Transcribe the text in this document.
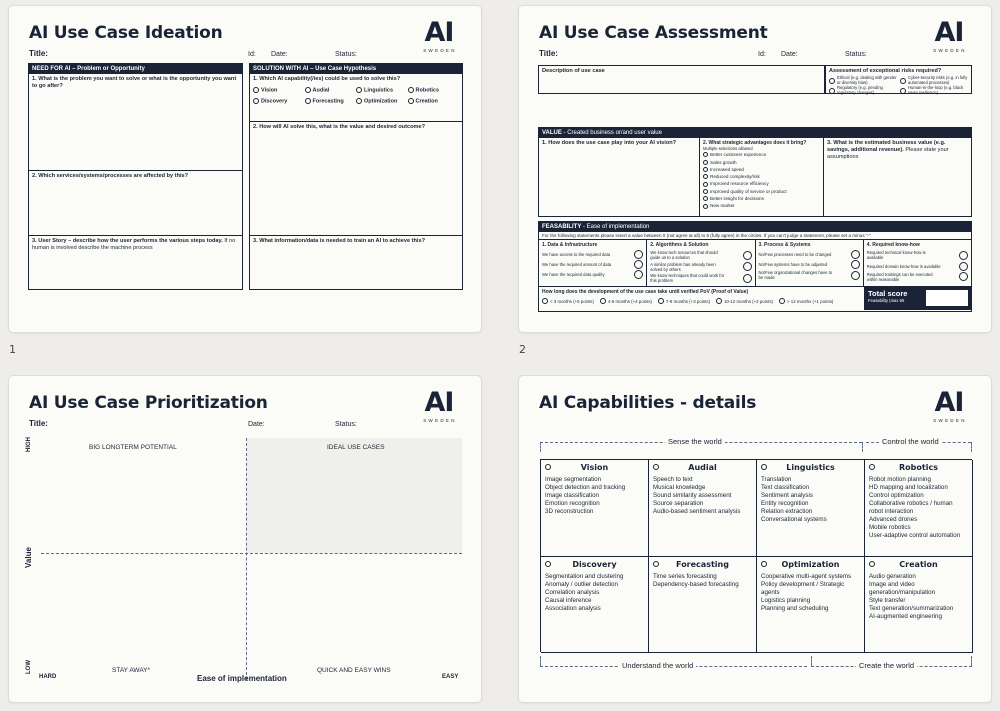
AI Use Case Ideation	AI
SWEDEN
Title:	Id: Date:	Status:
NEED FOR AI – Problem or Opportunity
1. What is the problem you want to solve or what is the opportunity you want to go after?
2. Which services/systems/processes are affected by this?
3. User Story – describe how the user performs the various steps today. If no human is involved describe the machine process
SOLUTION WITH AI – Use Case Hypothesis
1. Which AI capability(/ies) could be used to solve this?
Vision	Audial	Linguistics	Robotics
Discovery	Forecasting	Optimization	Creation
2. How will AI solve this, what is the value and desired outcome?
3. What information/data is needed to train an AI to achieve this?
1
AI Use Case Assessment	AI
SWEDEN
Title:	Id: Date:	Status:
Description of use case	Assessment of exceptional risks required?
Ethical (e.g. dealing with gender or diversity bias)
Cyber-security risks (e.g. in fully automated processes)
Regulatory (e.g. pending regulatory changes)
Human-in-the-loop (e.g. black swan resilience)
VALUE - Created business or/and user value
1. How does the use case play into your AI vision?	2. What strategic advantages does it bring?
Multiple selections allowed
Better customer experience
Sales growth
Increased speed
Reduced complexity/risk
Improved resource efficiency
Improved quality of service or product
Better insight for decisions
New market
3. What is the estimated business value (e.g. savings, additional revenue). Please state your assumptions
FEASABILITY - Ease of implementation
For the following statements please insert a value between 0 (not agree at all) to 5 (fully agree) in the circles. If you can't judge a statement, please set a minus "-"
1. Data & Infrastructure
We have access to the required data
We have the required amount of data
We have the required data quality
2. Algorithms & Solution
We know tech resources that should guide us to a solution
A similar problem has already been solved by others
We know techniques that could work for this problem
3. Process & Systems
No/Few processes need to be changed
No/Few systems have to be adjusted
No/Few organizational changes have to be made
4. Required know-how
Required technical know-how is available
Required domain know-how is available
Required trainings can be executed within reasonable
How long does the development of the use case take until verified PoV (Proof of Value)
< 3 months (+5 points)	4-6 months (+4 points)	7-9 months (+3 points)	10-12 months (+2 points)	> 12 months (+1 points)
Total score
Feasability (max 65
2
AI Use Case Prioritization	AI
SWEDEN
Title:	Date:	Status:
BIG LONGTERM POTENTIAL	IDEAL USE CASES
STAY AWAY*	QUICK AND EASY WINS
HIGH
Value
LOW
HARD	Ease of implementation	EASY
AI Capabilities - details	AI
SWEDEN
Sense the world	Control the world
Vision
Image segmentation
Object detection and tracking
Image classification
Emotion recognition
3D reconstruction
Audial
Speech to text
Musical knowledge
Sound similarity assessment
Source separation
Audio-based sentiment analysis
Linguistics
Translation
Text classification
Sentiment analysis
Entity recognition
Relation extraction
Conversational systems
Robotics
Robot motion planning
HD mapping and localization
Control optimization
Collaborative robotics / human robot interaction
Advanced drones
Mobile robotics
User-adaptive control automation
Discovery
Segmentation and clustering
Anomaly / outlier detection
Correlation analysis
Causal inference
Association analysis
Forecasting
Time series forecasting
Dependency-based forecasting
Optimization
Cooperative multi-agent systems
Policy development / Strategic agents
Logistics planning
Planning and scheduling
Creation
Audio generation
Image and video generation/manipulation
Style transfer
Text generation/summarization
AI-augmented engineering
Understand the world	Create the world
